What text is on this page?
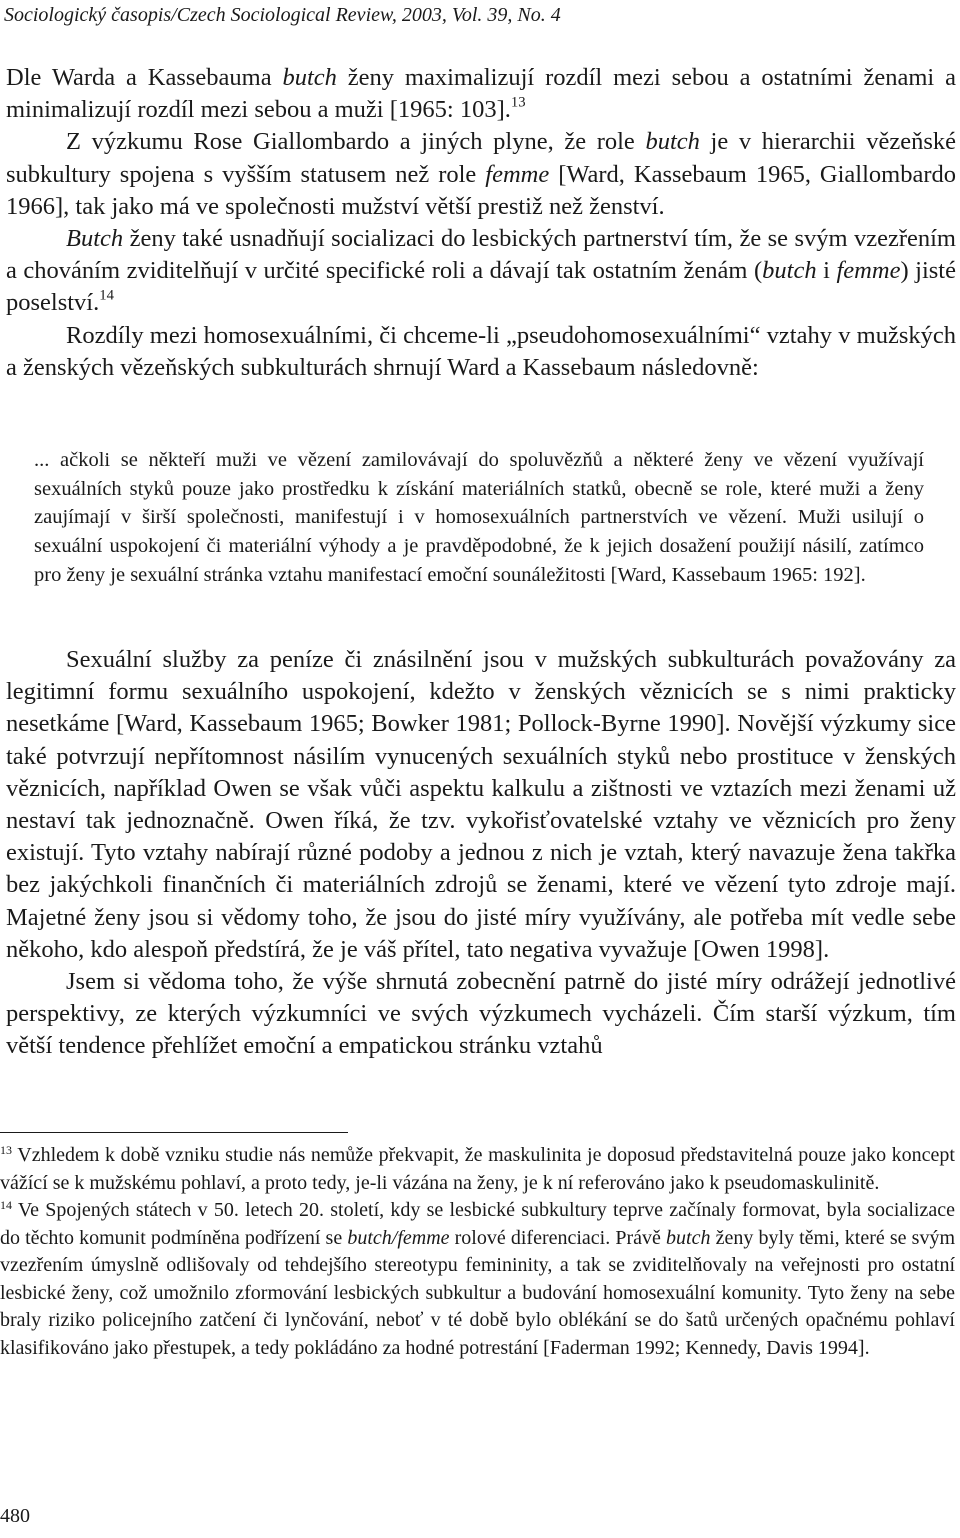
Sociologický časopis/Czech Sociological Review, 2003, Vol. 39, No. 4

Dle Warda a Kassebauma butch ženy maximalizují rozdíl mezi sebou a ostatními ženami a minimalizují rozdíl mezi sebou a muži [1965: 103].$^{13}$

Z výzkumu Rose Giallombardo a jiných plyne, že role butch je v hierarchii vězeňské subkultury spojena s vyšším statusem než role femme [Ward, Kassebaum 1965, Giallombardo 1966], tak jako má ve společnosti mužství větší prestiž než ženství.

Butch ženy také usnadňují socializaci do lesbických partnerství tím, že se svým vzezřením a chováním zviditelňují v určité specifické roli a dávají tak ostatním ženám (butch i femme) jisté poselství.$^{14}$

Rozdíly mezi homosexuálními, či chceme-li „pseudohomosexuálními“ vztahy v mužských a ženských vězeňských subkulturách shrnují Ward a Kassebaum následovně:

... ačkoli se někteří muži ve vězení zamilovávají do spoluvězňů a některé ženy ve vězení využívají sexuálních styků pouze jako prostředku k získání materiálních statků, obecně se role, které muži a ženy zaujímají v širší společnosti, manifestují i v homosexuálních partnerstvích ve vězení. Muži usilují o sexuální uspokojení či materiální výhody a je pravděpodobné, že k jejich dosažení použijí násilí, zatímco pro ženy je sexuální stránka vztahu manifestací emoční sounáležitosti [Ward, Kassebaum 1965: 192].

Sexuální služby za peníze či znásilnění jsou v mužských subkulturách považovány za legitimní formu sexuálního uspokojení, kdežto v ženských věznicích se s nimi prakticky nesetkáme [Ward, Kassebaum 1965; Bowker 1981; Pollock-Byrne 1990]. Novější výzkumy sice také potvrzují nepřítomnost násilím vynucených sexuálních styků nebo prostituce v ženských věznicích, například Owen se však vůči aspektu kalkulu a zištnosti ve vztazích mezi ženami už nestaví tak jednoznačně. Owen říká, že tzv. vykořisťovatelské vztahy ve věznicích pro ženy existují. Tyto vztahy nabírají různé podoby a jednou z nich je vztah, který navazuje žena takřka bez jakýchkoli finančních či materiálních zdrojů se ženami, které ve vězení tyto zdroje mají. Majetné ženy jsou si vědomy toho, že jsou do jisté míry využívány, ale potřeba mít vedle sebe někoho, kdo alespoň předstírá, že je váš přítel, tato negativa vyvažuje [Owen 1998].

Jsem si vědoma toho, že výše shrnutá zobecnění patrně do jisté míry odrážejí jednotlivé perspektivy, ze kterých výzkumníci ve svých výzkumech vycházeli. Čím starší výzkum, tím větší tendence přehlížet emoční a empatickou stránku vztahů

$^{13}$ Vzhledem k době vzniku studie nás nemůže překvapit, že maskulinita je doposud představitelná pouze jako koncept vážící se k mužskému pohlaví, a proto tedy, je-li vázána na ženy, je k ní referováno jako k pseudomaskulinitě.

$^{14}$ Ve Spojených státech v 50. letech 20. století, kdy se lesbické subkultury teprve začínaly formovat, byla socializace do těchto komunit podmíněna podřízení se butch/femme rolové diferenciaci. Právě butch ženy byly těmi, které se svým vzezřením úmyslně odlišovaly od tehdejšího stereotypu femininity, a tak se zviditelňovaly na veřejnosti pro ostatní lesbické ženy, což umožnilo zformování lesbických subkultur a budování homosexuální komunity. Tyto ženy na sebe braly riziko policejního zatčení či lynčování, neboť v té době bylo oblékání se do šatů určených opačnému pohlaví klasifikováno jako přestupek, a tedy pokládáno za hodné potrestání [Faderman 1992; Kennedy, Davis 1994].

480
